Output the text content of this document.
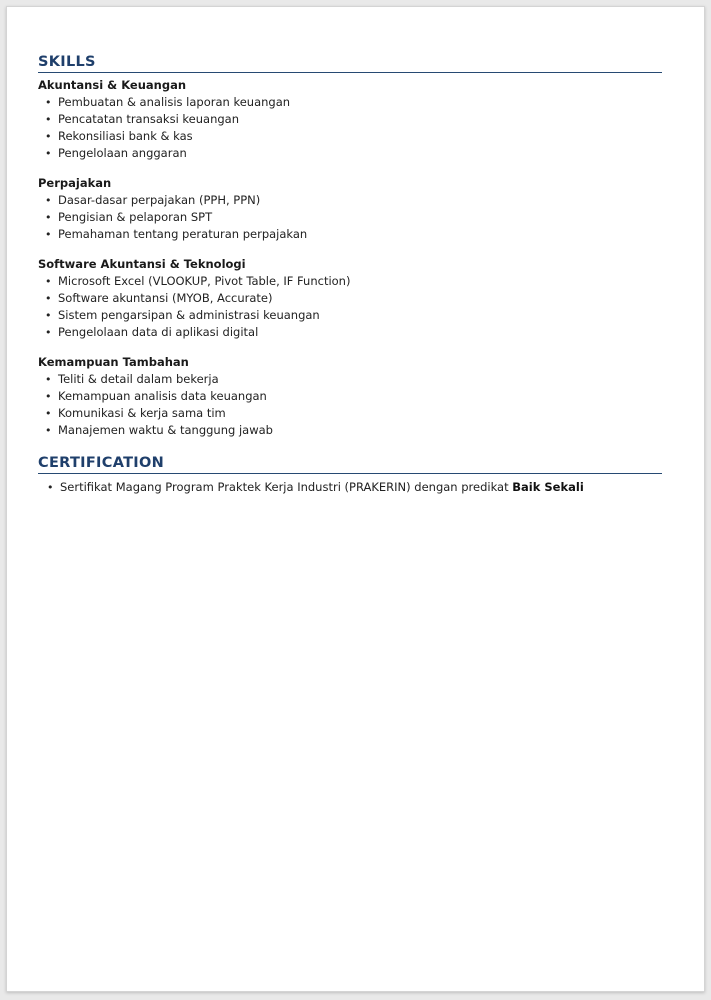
SKILLS
Akuntansi & Keuangan
• Pembuatan & analisis laporan keuangan
• Pencatatan transaksi keuangan
• Rekonsiliasi bank & kas
• Pengelolaan anggaran
Perpajakan
• Dasar-dasar perpajakan (PPH, PPN)
• Pengisian & pelaporan SPT
• Pemahaman tentang peraturan perpajakan
Software Akuntansi & Teknologi
• Microsoft Excel (VLOOKUP, Pivot Table, IF Function)
• Software akuntansi (MYOB, Accurate)
• Sistem pengarsipan & administrasi keuangan
• Pengelolaan data di aplikasi digital
Kemampuan Tambahan
• Teliti & detail dalam bekerja
• Kemampuan analisis data keuangan
• Komunikasi & kerja sama tim
• Manajemen waktu & tanggung jawab
CERTIFICATION
• Sertifikat Magang Program Praktek Kerja Industri (PRAKERIN) dengan predikat Baik Sekali
